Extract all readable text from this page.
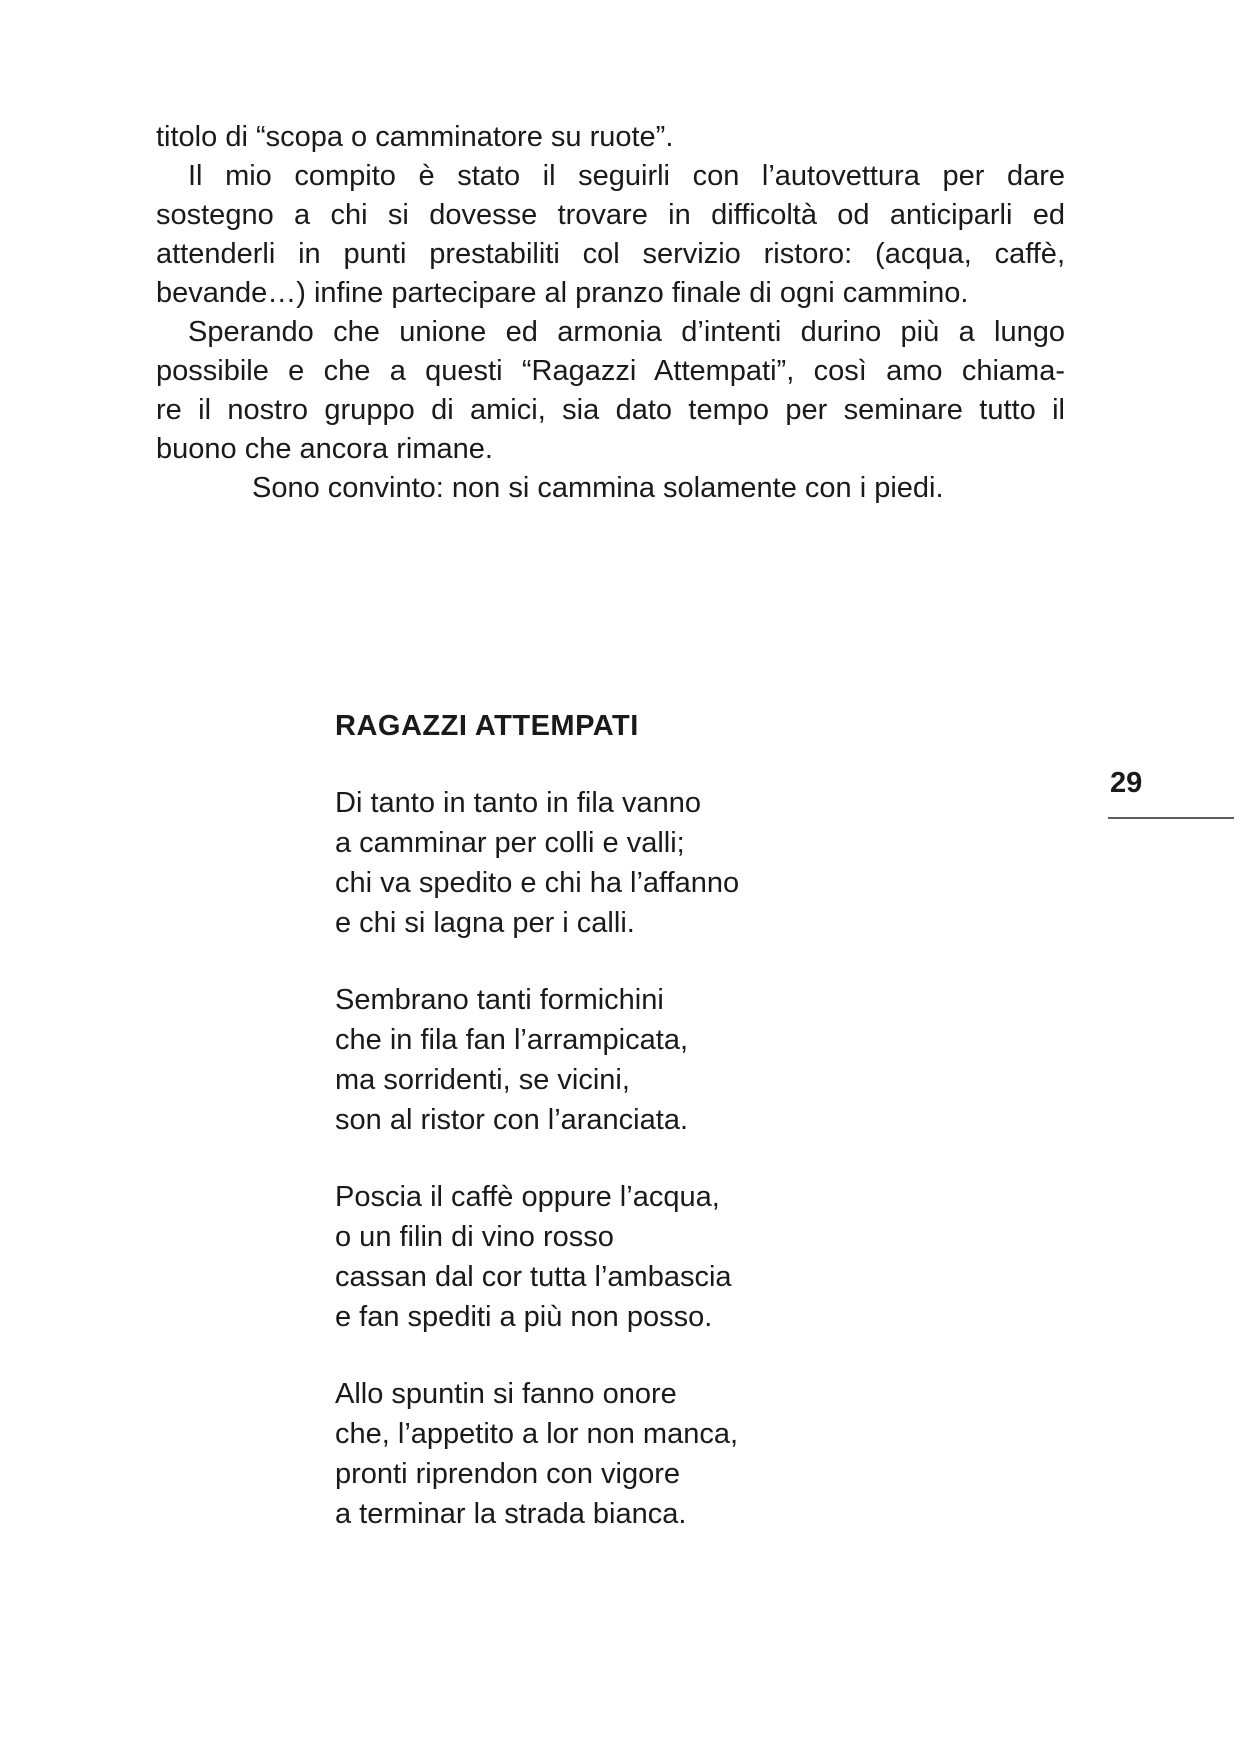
titolo di “scopa o camminatore su ruote”.
Il mio compito è stato il seguirli con l’autovettura per dare
sostegno a chi si dovesse trovare in difficoltà od anticiparli ed
attenderli in punti prestabiliti col servizio ristoro: (acqua, caffè,
bevande…) infine partecipare al pranzo finale di ogni cammino.
Sperando che unione ed armonia d’intenti durino più a lungo
possibile e che a questi “Ragazzi Attempati”, così amo chiama-
re il nostro gruppo di amici, sia dato tempo per seminare tutto il
buono che ancora rimane.
Sono convinto: non si cammina solamente con i piedi.
RAGAZZI ATTEMPATI
Di tanto in tanto in fila vanno
a camminar per colli e valli;
chi va spedito e chi ha l’affanno
e chi si lagna per i calli.
Sembrano tanti formichini
che in fila fan l’arrampicata,
ma sorridenti, se vicini,
son al ristor con l’aranciata.
Poscia il caffè oppure l’acqua,
o un filin di vino rosso
cassan dal cor tutta l’ambascia
e fan spediti a più non posso.
Allo spuntin si fanno onore
che, l’appetito a lor non manca,
pronti riprendon con vigore
a terminar la strada bianca.
29
